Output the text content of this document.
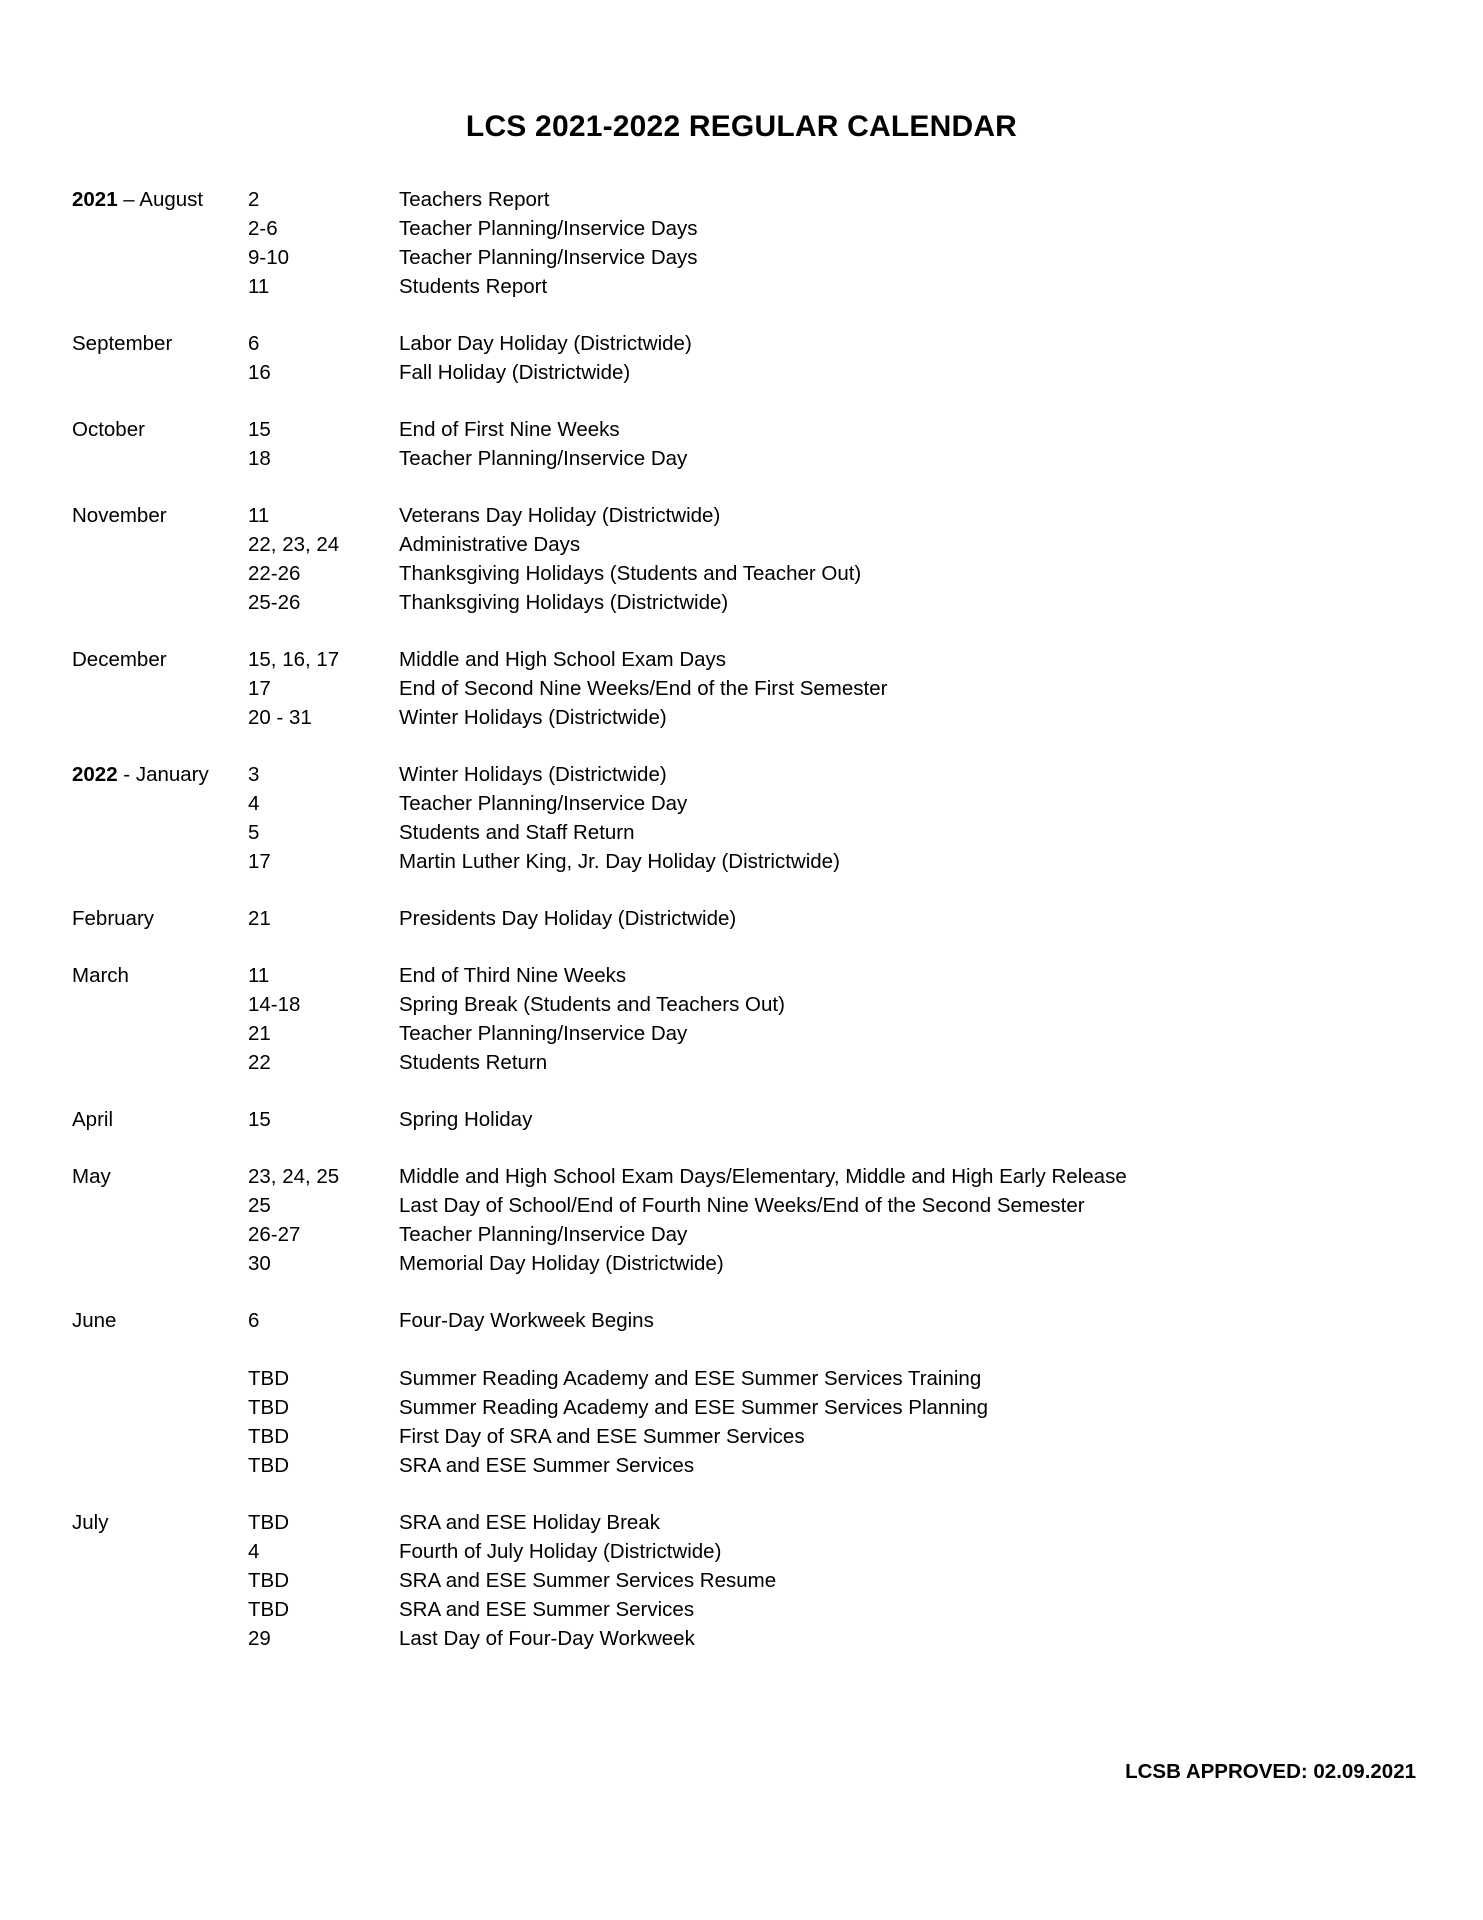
LCS 2021-2022 REGULAR CALENDAR
2021 – August	2	Teachers Report
2-6	Teacher Planning/Inservice Days
9-10	Teacher Planning/Inservice Days
11	Students Report
September	6	Labor Day Holiday (Districtwide)
16	Fall Holiday (Districtwide)
October	15	End of First Nine Weeks
18	Teacher Planning/Inservice Day
November	11	Veterans Day Holiday (Districtwide)
22, 23, 24	Administrative Days
22-26	Thanksgiving Holidays (Students and Teacher Out)
25-26	Thanksgiving Holidays (Districtwide)
December	15, 16, 17	Middle and High School Exam Days
17	End of Second Nine Weeks/End of the First Semester
20 - 31	Winter Holidays (Districtwide)
2022 - January	3	Winter Holidays (Districtwide)
4	Teacher Planning/Inservice Day
5	Students and Staff Return
17	Martin Luther King, Jr. Day Holiday (Districtwide)
February	21	Presidents Day Holiday (Districtwide)
March	11	End of Third Nine Weeks
14-18	Spring Break (Students and Teachers Out)
21	Teacher Planning/Inservice Day
22	Students Return
April	15	Spring Holiday
May	23, 24, 25	Middle and High School Exam Days/Elementary, Middle and High Early Release
25	Last Day of School/End of Fourth Nine Weeks/End of the Second Semester
26-27	Teacher Planning/Inservice Day
30	Memorial Day Holiday (Districtwide)
June	6	Four-Day Workweek Begins
TBD	Summer Reading Academy and ESE Summer Services Training
TBD	Summer Reading Academy and ESE Summer Services Planning
TBD	First Day of SRA and ESE Summer Services
TBD	SRA and ESE Summer Services
July	TBD	SRA and ESE Holiday Break
4	Fourth of July Holiday (Districtwide)
TBD	SRA and ESE Summer Services Resume
TBD	SRA and ESE Summer Services
29	Last Day of Four-Day Workweek
LCSB APPROVED: 02.09.2021
